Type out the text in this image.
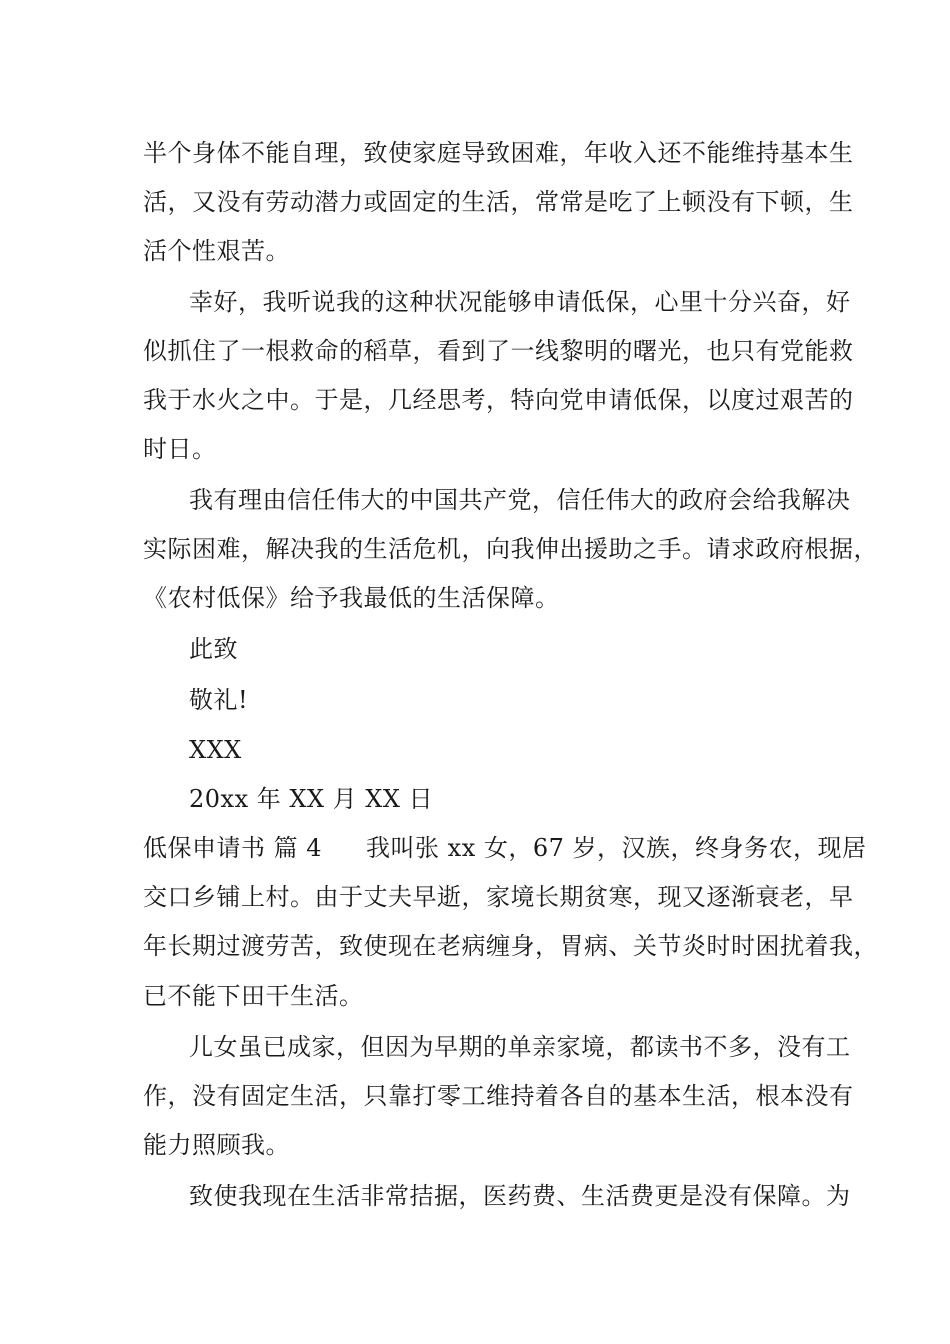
半个身体不能自理，致使家庭导致困难，年收入还不能维持基本生
活，又没有劳动潜力或固定的生活，常常是吃了上顿没有下顿，生
活个性艰苦。
幸好，我听说我的这种状况能够申请低保，心里十分兴奋，好
似抓住了一根救命的稻草，看到了一线黎明的曙光，也只有党能救
我于水火之中。于是，几经思考，特向党申请低保，以度过艰苦的
时日。
我有理由信任伟大的中国共产党，信任伟大的政府会给我解决
实际困难，解决我的生活危机，向我伸出援助之手。请求政府根据，
《农村低保》给予我最低的生活保障。
此致
敬礼!
XXX
20xx 年 XX 月 XX 日
低保申请书 篇 4 我叫张 xx 女，67 岁，汉族，终身务农，现居
交口乡铺上村。由于丈夫早逝，家境长期贫寒，现又逐渐衰老，早
年长期过渡劳苦，致使现在老病缠身，胃病、关节炎时时困扰着我，
已不能下田干生活。
儿女虽已成家，但因为早期的单亲家境，都读书不多，没有工
作，没有固定生活，只靠打零工维持着各自的基本生活，根本没有
能力照顾我。
致使我现在生活非常拮据，医药费、生活费更是没有保障。为
